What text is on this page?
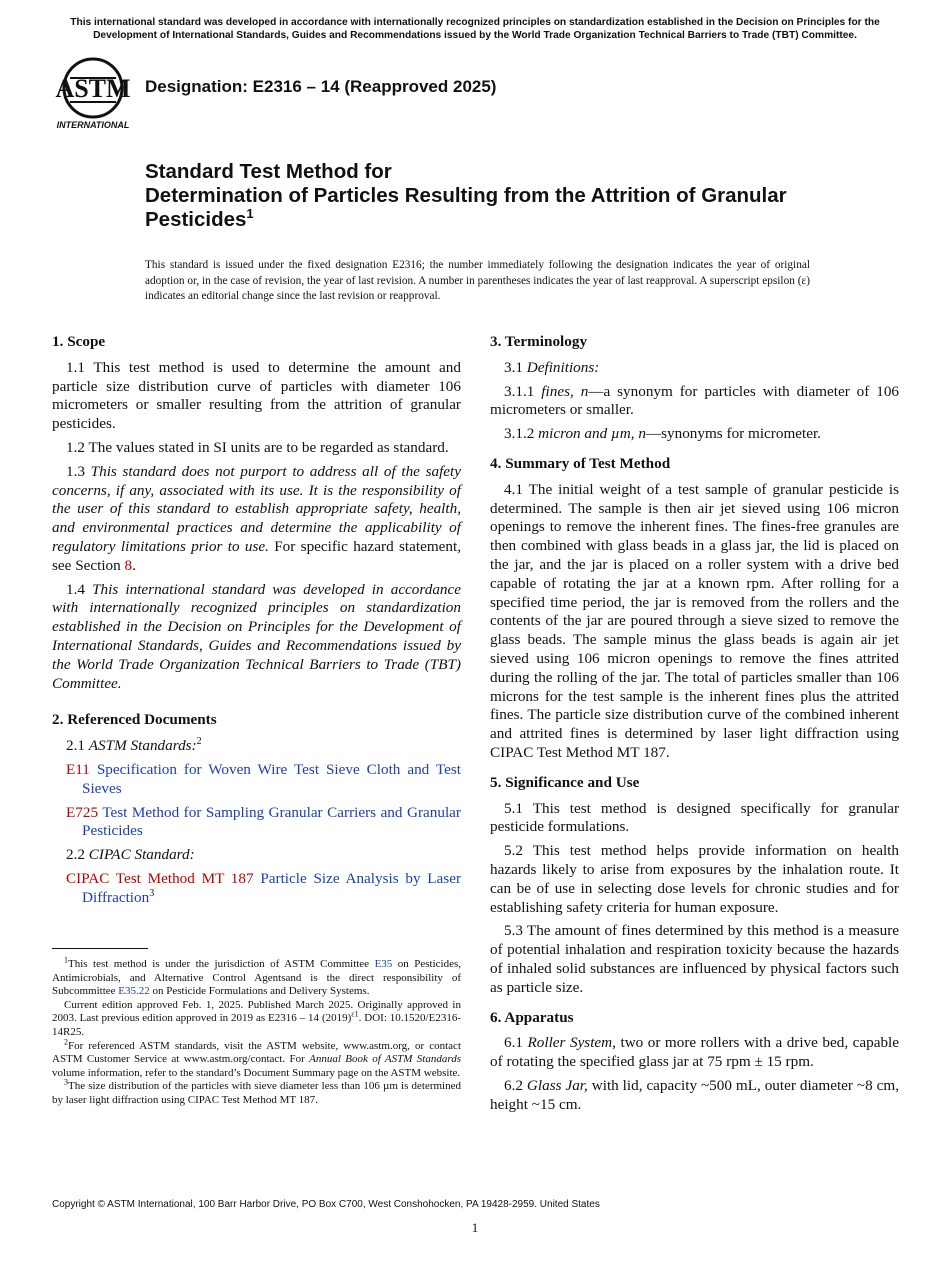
This international standard was developed in accordance with internationally recognized principles on standardization established in the Decision on Principles for the Development of International Standards, Guides and Recommendations issued by the World Trade Organization Technical Barriers to Trade (TBT) Committee.
ASTM
INTERNATIONAL
Designation: E2316 – 14 (Reapproved 2025)
Standard Test Method for
Determination of Particles Resulting from the Attrition of Granular Pesticides$^1$
This standard is issued under the fixed designation E2316; the number immediately following the designation indicates the year of original adoption or, in the case of revision, the year of last revision. A number in parentheses indicates the year of last reapproval. A superscript epsilon (ε) indicates an editorial change since the last revision or reapproval.
1. Scope

1.1 This test method is used to determine the amount and particle size distribution curve of particles with diameter 106 micrometers or smaller resulting from the attrition of granular pesticides.

1.2 The values stated in SI units are to be regarded as standard.

1.3 This standard does not purport to address all of the safety concerns, if any, associated with its use. It is the responsibility of the user of this standard to establish appropriate safety, health, and environmental practices and determine the applicability of regulatory limitations prior to use. For specific hazard statement, see Section 8.

1.4 This international standard was developed in accordance with internationally recognized principles on standardization established in the Decision on Principles for the Development of International Standards, Guides and Recommendations issued by the World Trade Organization Technical Barriers to Trade (TBT) Committee.

2. Referenced Documents

2.1 ASTM Standards:$^2$

E11 Specification for Woven Wire Test Sieve Cloth and Test Sieves
E725 Test Method for Sampling Granular Carriers and Granular Pesticides

2.2 CIPAC Standard:

CIPAC Test Method MT 187 Particle Size Analysis by Laser Diffraction$^3$

$^1$This test method is under the jurisdiction of ASTM Committee E35 on Pesticides, Antimicrobials, and Alternative Control Agentsand is the direct responsibility of Subcommittee E35.22 on Pesticide Formulations and Delivery Systems.

Current edition approved Feb. 1, 2025. Published March 2025. Originally approved in 2003. Last previous edition approved in 2019 as E2316 – 14 $(2019)^{\varepsilon 1}$. DOI: 10.1520/E2316-14R25.

$^2$For referenced ASTM standards, visit the ASTM website, www.astm.org, or contact ASTM Customer Service at www.astm.org/contact. For Annual Book of ASTM Standards volume information, refer to the standard’s Document Summary page on the ASTM website.

$^3$The size distribution of the particles with sieve diameter less than 106 µm is determined by laser light diffraction using CIPAC Test Method MT 187.

3. Terminology

3.1 Definitions:

3.1.1 fines, n—a synonym for particles with diameter of 106 micrometers or smaller.

3.1.2 micron and µm, n—synonyms for micrometer.

4. Summary of Test Method

4.1 The initial weight of a test sample of granular pesticide is determined. The sample is then air jet sieved using 106 micron openings to remove the inherent fines. The fines-free granules are then combined with glass beads in a glass jar, the lid is placed on the jar, and the jar is placed on a roller system with a drive bed capable of rotating the jar at a known rpm. After rolling for a specified time period, the jar is removed from the rollers and the contents of the jar are poured through a sieve sized to remove the glass beads. The sample minus the glass beads is again air jet sieved using 106 micron openings to remove the fines attrited during the rolling of the jar. The total of particles smaller than 106 microns for the test sample is the inherent fines plus the attrited fines. The particle size distribution curve of the combined inherent and attrited fines is determined by laser light diffraction using CIPAC Test Method MT 187.

5. Significance and Use

5.1 This test method is designed specifically for granular pesticide formulations.

5.2 This test method helps provide information on health hazards likely to arise from exposures by the inhalation route. It can be of use in selecting dose levels for chronic studies and for establishing safety criteria for human exposure.

5.3 The amount of fines determined by this method is a measure of potential inhalation and respiration toxicity because the hazards of inhaled solid substances are influenced by physical factors such as particle size.

6. Apparatus

6.1 Roller System, two or more rollers with a drive bed, capable of rotating the specified glass jar at 75 rpm ± 15 rpm.

6.2 Glass Jar, with lid, capacity ~500 mL, outer diameter ~8 cm, height ~15 cm.

Copyright © ASTM International, 100 Barr Harbor Drive, PO Box C700, West Conshohocken, PA 19428-2959. United States
1
